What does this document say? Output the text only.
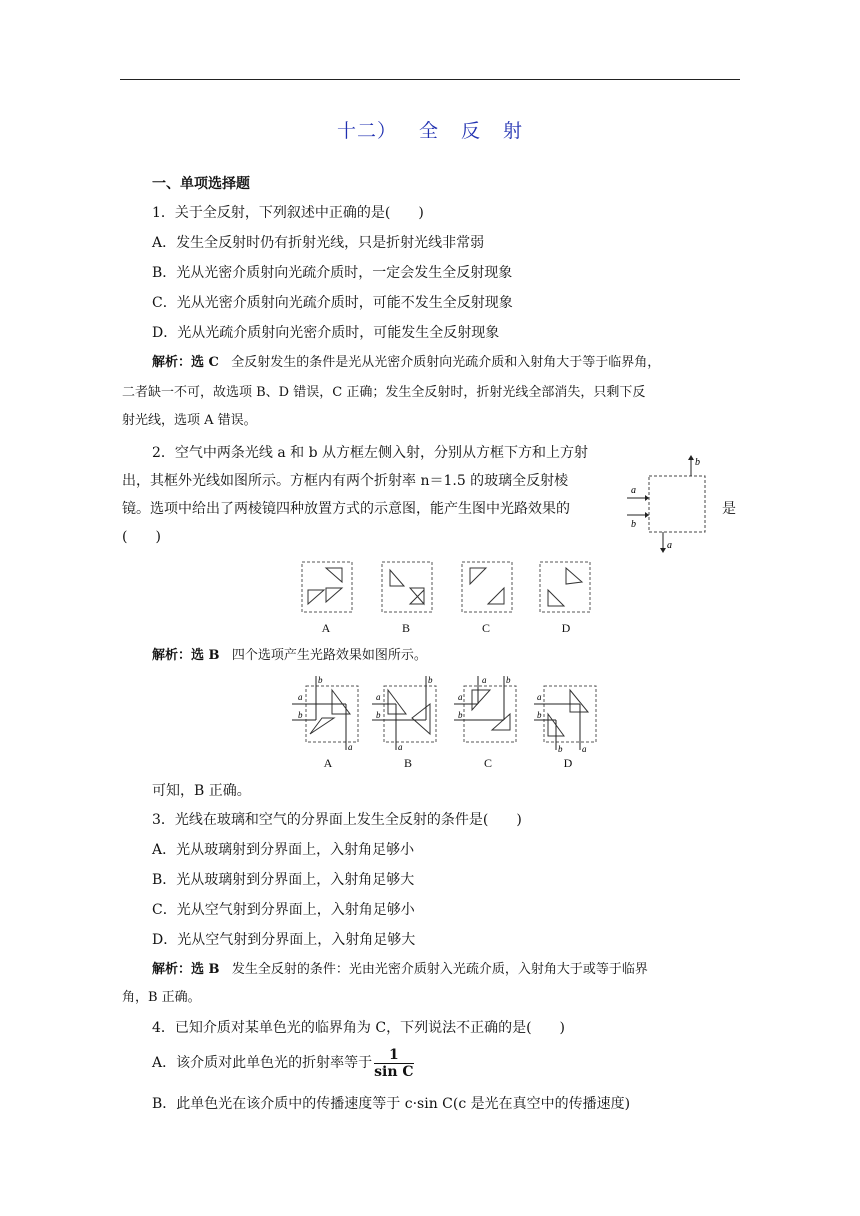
十二） 全 反 射
一、单项选择题
1．关于全反射，下列叙述中正确的是(　　)
A．发生全反射时仍有折射光线，只是折射光线非常弱
B．光从光密介质射向光疏介质时，一定会发生全反射现象
C．光从光密介质射向光疏介质时，可能不发生全反射现象
D．光从光疏介质射向光密介质时，可能发生全反射现象
解析：选 C 全反射发生的条件是光从光密介质射向光疏介质和入射角大于等于临界角，
二者缺一不可，故选项 B、D 错误，C 正确；发生全反射时，折射光线全部消失，只剩下反
射光线，选项 A 错误。
2．空气中两条光线 a 和 b 从方框左侧入射，分别从方框下方和上方射
出，其框外光线如图所示。方框内有两个折射率 n＝1.5 的玻璃全反射棱
镜。选项中给出了两棱镜四种放置方式的示意图，能产生图中光路效果的	是
(　　)
b
a
b
a
A	B	C	D
解析：选 B 四个选项产生光路效果如图所示。
a
b
b
a
a
b
b
a
a
b
a b
a
b
b a
A	B	C	D
可知，B 正确。
3．光线在玻璃和空气的分界面上发生全反射的条件是(　　)
A．光从玻璃射到分界面上，入射角足够小
B．光从玻璃射到分界面上，入射角足够大
C．光从空气射到分界面上，入射角足够小
D．光从空气射到分界面上，入射角足够大
解析：选 B 发生全反射的条件：光由光密介质射入光疏介质，入射角大于或等于临界
角，B 正确。
4．已知介质对某单色光的临界角为 C，下列说法不正确的是(　　)
A．该介质对此单色光的折射率等于 $\frac{1}{\text{sin C}}$
B．此单色光在该介质中的传播速度等于 c·sin C(c 是光在真空中的传播速度)
